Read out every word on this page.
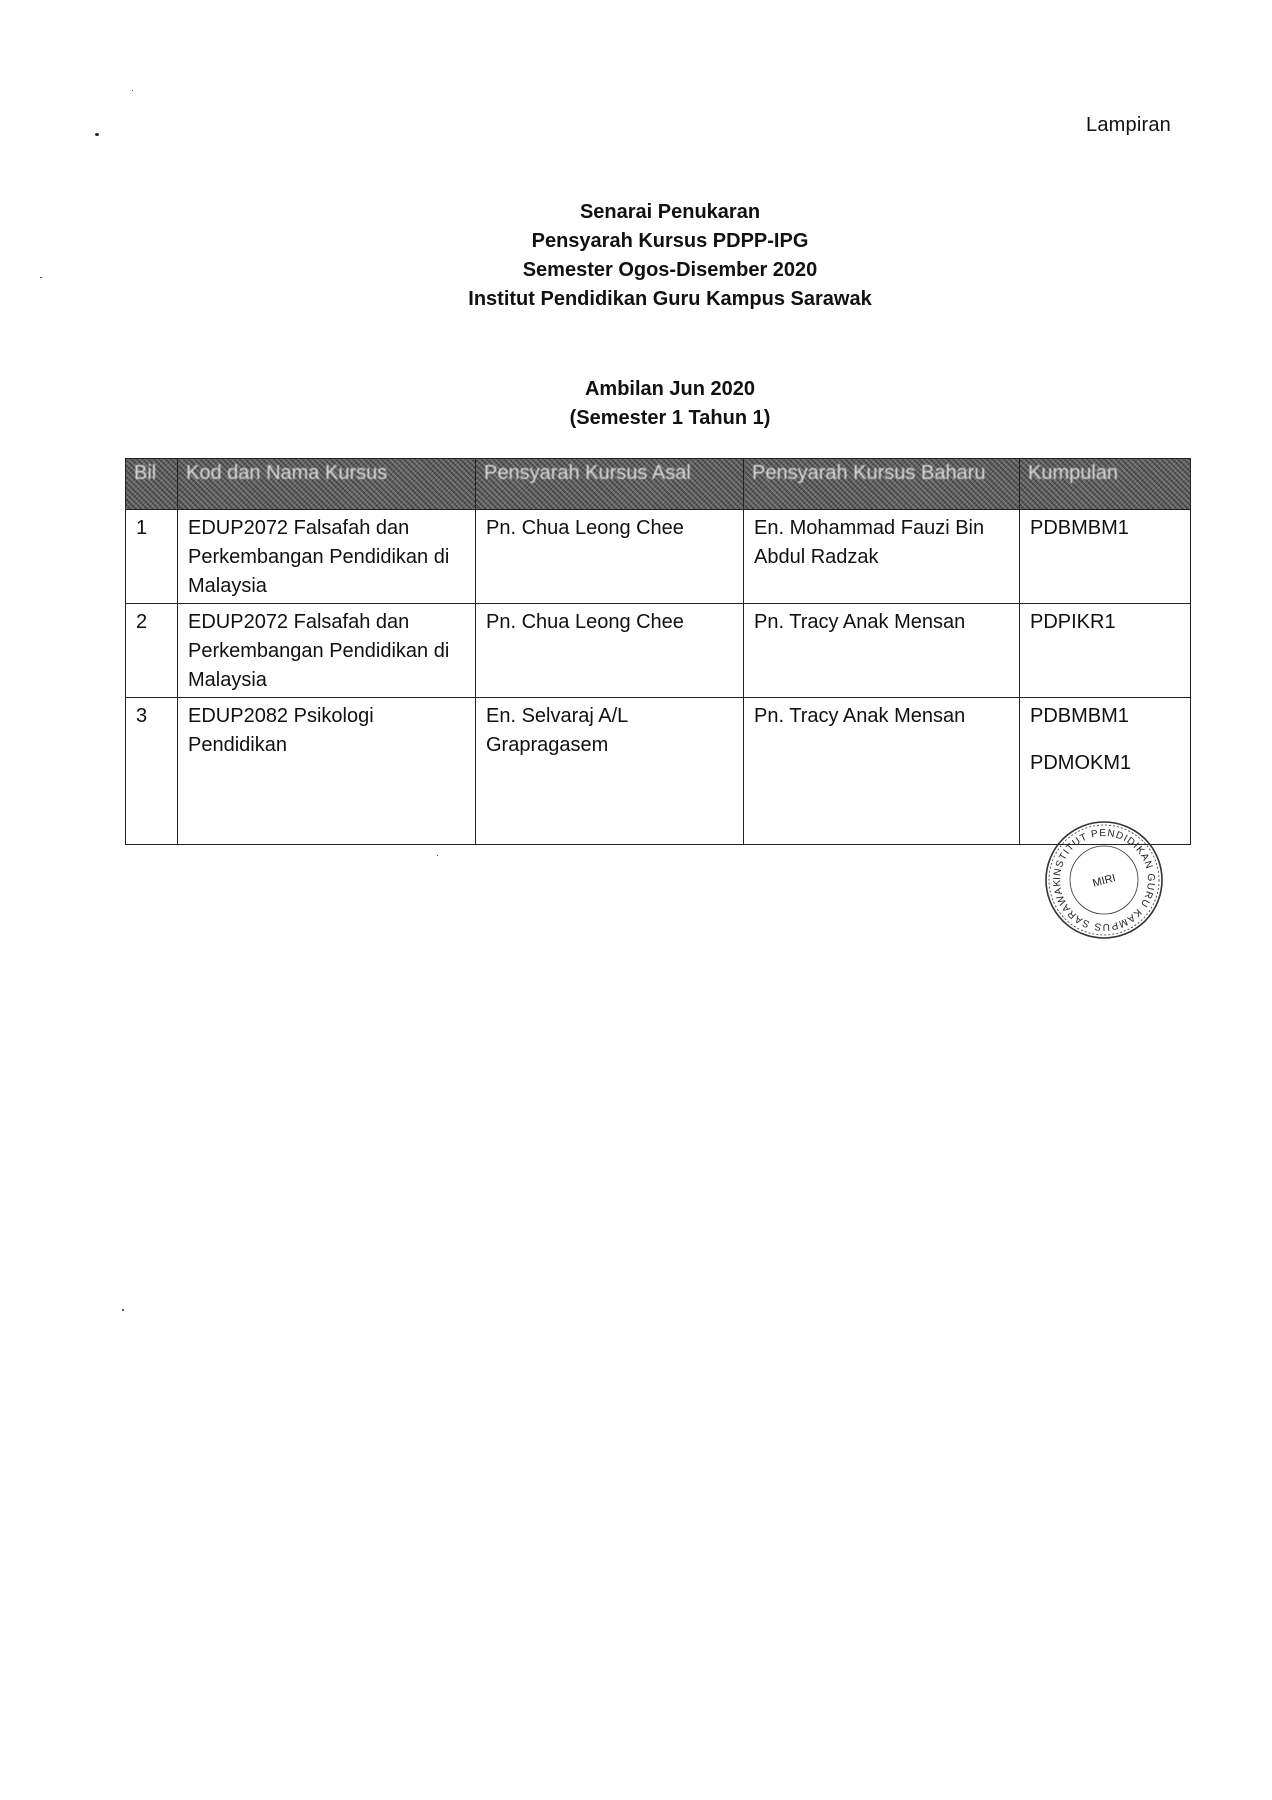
Lampiran
Senarai Penukaran
Pensyarah Kursus PDPP-IPG
Semester Ogos-Disember 2020
Institut Pendidikan Guru Kampus Sarawak
Ambilan Jun 2020
(Semester 1 Tahun 1)
Bil	Kod dan Nama Kursus	Pensyarah Kursus Asal	Pensyarah Kursus Baharu	Kumpulan
1	EDUP2072 Falsafah dan Perkembangan Pendidikan di Malaysia	Pn. Chua Leong Chee	En. Mohammad Fauzi Bin Abdul Radzak	PDBMBM1

2	EDUP2072 Falsafah dan Perkembangan Pendidikan di Malaysia	Pn. Chua Leong Chee	Pn. Tracy Anak Mensan	PDPIKR1

3	EDUP2082 Psikologi Pendidikan	En. Selvaraj A/L Grapragasem	Pn. Tracy Anak Mensan	PDBMBM1
PDMOKM1
INSTITUT PENDIDIKAN GURU KAMPUS SARAWAK	MIRI
